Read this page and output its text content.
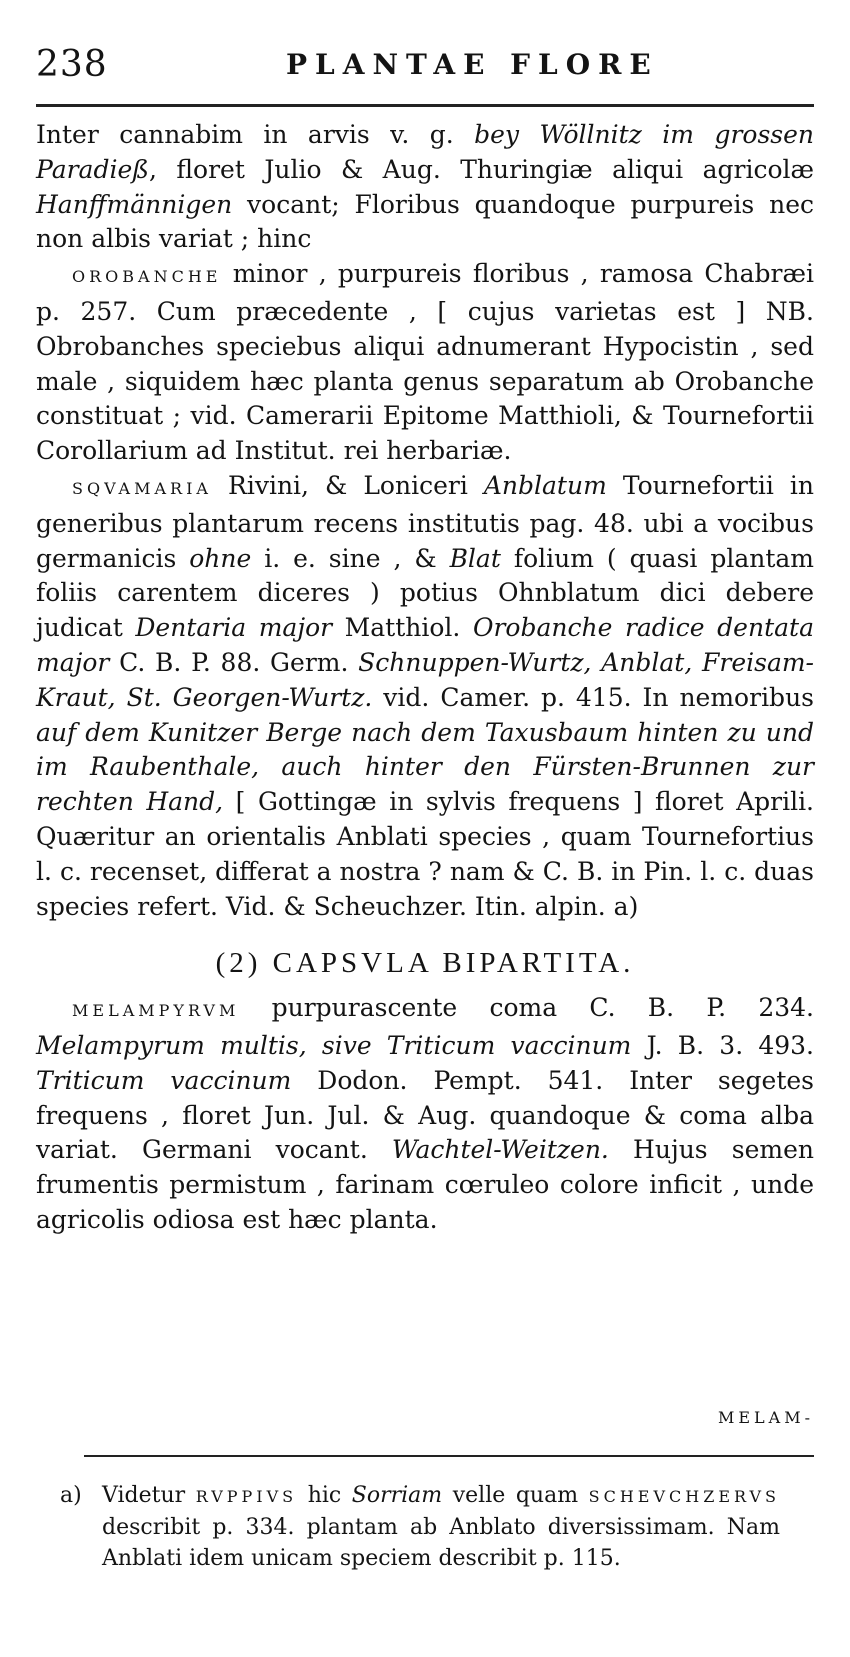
238	PLANTAE FLORE

Inter cannabim in arvis v. g. bey Wöllnitz im grossen Paradieß, floret Julio & Aug. Thuringiæ aliqui agricolæ Hanffmännigen vocant; Floribus quandoque purpureis nec non albis variat ; hinc

OROBANCHE minor , purpureis floribus , ramosa Chabræi p. 257. Cum præcedente , [ cujus varietas est ] NB. Obrobanches speciebus aliqui adnumerant Hypocistin , sed male , siquidem hæc planta genus separatum ab Orobanche constituat ; vid. Camerarii Epitome Matthioli, & Tournefortii Corollarium ad Institut. rei herbariæ.

SQVAMARIA Rivini, & Loniceri Anblatum Tournefortii in generibus plantarum recens institutis pag. 48. ubi a vocibus germanicis ohne i. e. sine , & Blat folium ( quasi plantam foliis carentem diceres ) potius Ohnblatum dici debere judicat Dentaria major Matthiol. Orobanche radice dentata major C. B. P. 88. Germ. Schnuppen-Wurtz, Anblat, Freisam-Kraut, St. Georgen-Wurtz. vid. Camer. p. 415. In nemoribus auf dem Kunitzer Berge nach dem Taxusbaum hinten zu und im Raubenthale, auch hinter den Fürsten-Brunnen zur rechten Hand, [ Gottingæ in sylvis frequens ] floret Aprili. Quæritur an orientalis Anblati species , quam Tournefortius l. c. recenset, differat a nostra ? nam & C. B. in Pin. l. c. duas species refert. Vid. & Scheuchzer. Itin. alpin. a)

(2) CAPSVLA BIPARTITA.

MELAMPYRVM purpurascente coma C. B. P. 234. Melampyrum multis, sive Triticum vaccinum J. B. 3. 493. Triticum vaccinum Dodon. Pempt. 541. Inter segetes frequens , floret Jun. Jul. & Aug. quandoque & coma alba variat. Germani vocant. Wachtel-Weitzen. Hujus semen frumentis permistum , farinam cœruleo colore inficit , unde agricolis odiosa est hæc planta.

MELAM-
a) Videtur RVPPIVS hic Sorriam velle quam SCHEVCHZERVS describit p. 334. plantam ab Anblato diversissimam. Nam Anblati idem unicam speciem describit p. 115.
